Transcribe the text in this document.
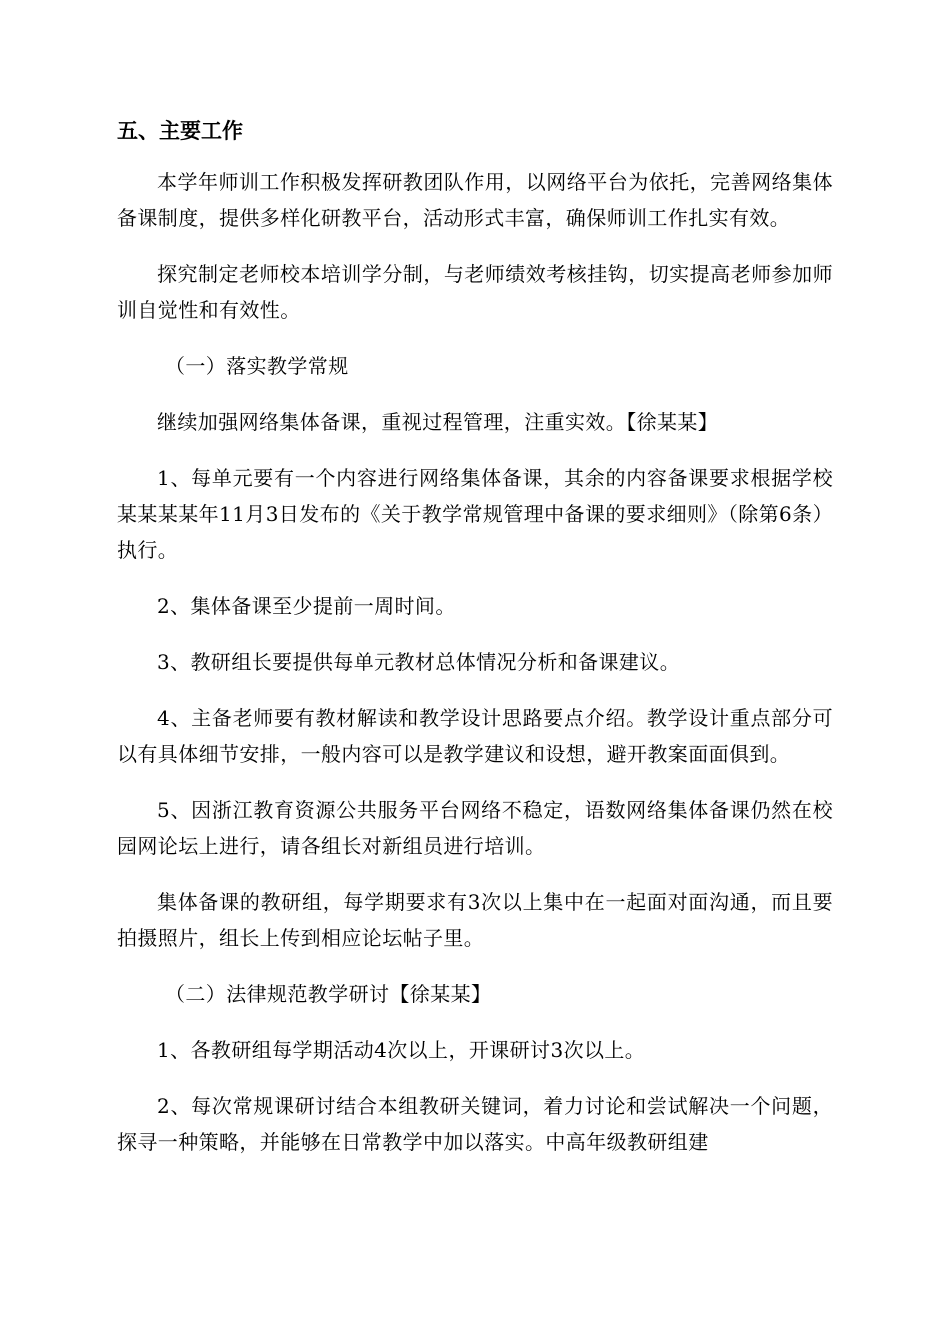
五、主要工作

本学年师训工作积极发挥研教团队作用，以网络平台为依托，完善网络集体备课制度，提供多样化研教平台，活动形式丰富，确保师训工作扎实有效。

探究制定老师校本培训学分制，与老师绩效考核挂钩，切实提高老师参加师训自觉性和有效性。

（一）落实教学常规

继续加强网络集体备课，重视过程管理，注重实效。【徐某某】

1、每单元要有一个内容进行网络集体备课，其余的内容备课要求根据学校某某某某年11月3日发布的《关于教学常规管理中备课的要求细则》（除第6条）执行。

2、集体备课至少提前一周时间。

3、教研组长要提供每单元教材总体情况分析和备课建议。

4、主备老师要有教材解读和教学设计思路要点介绍。教学设计重点部分可以有具体细节安排，一般内容可以是教学建议和设想，避开教案面面俱到。

5、因浙江教育资源公共服务平台网络不稳定，语数网络集体备课仍然在校园网论坛上进行，请各组长对新组员进行培训。

集体备课的教研组，每学期要求有3次以上集中在一起面对面沟通，而且要拍摄照片，组长上传到相应论坛帖子里。

（二）法律规范教学研讨【徐某某】

1、各教研组每学期活动4次以上，开课研讨3次以上。

2、每次常规课研讨结合本组教研关键词，着力讨论和尝试解决一个问题，探寻一种策略，并能够在日常教学中加以落实。中高年级教研组建
